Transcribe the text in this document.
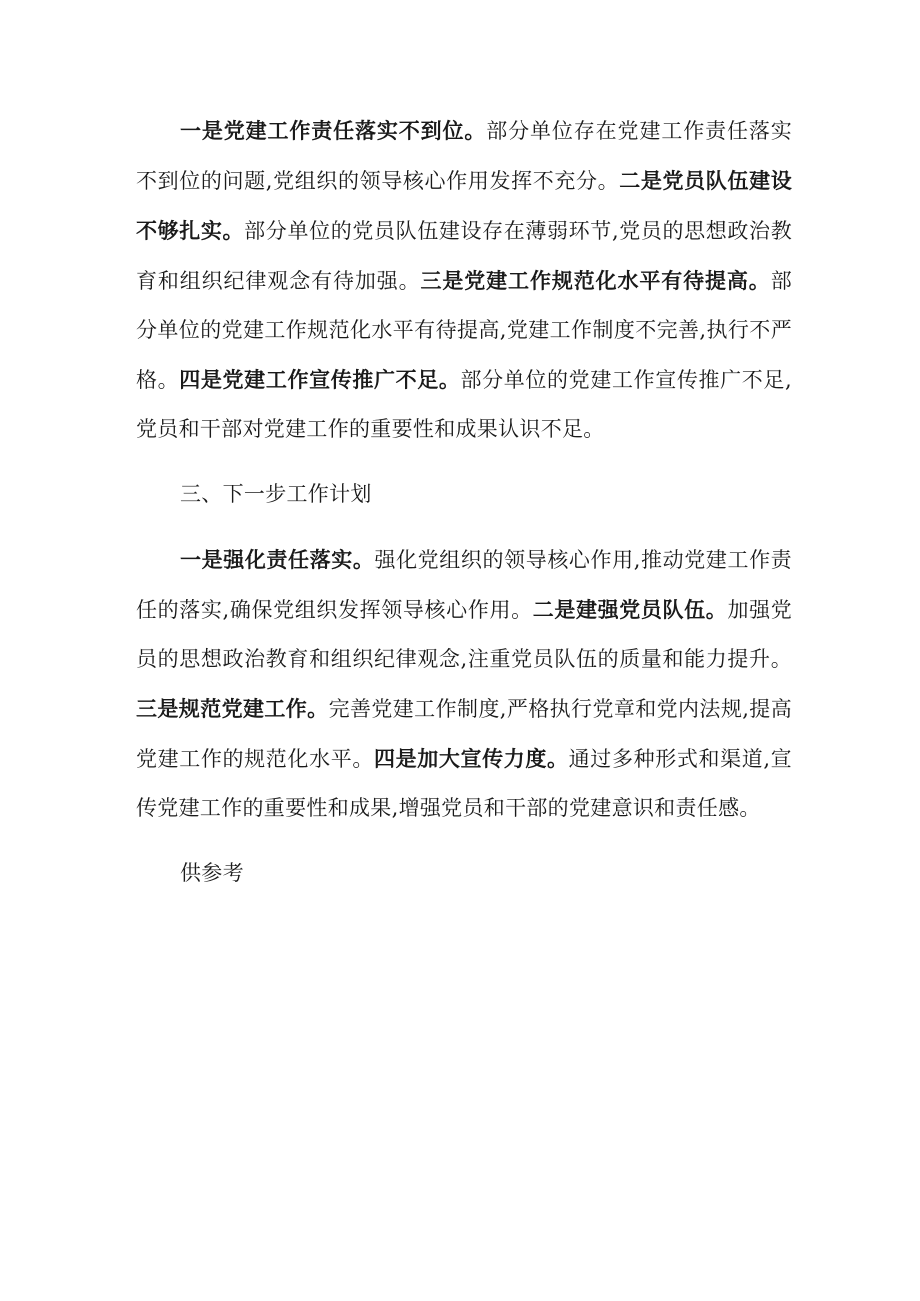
一是党建工作责任落实不到位。部分单位存在党建工作责任落实不到位的问题,党组织的领导核心作用发挥不充分。二是党员队伍建设不够扎实。部分单位的党员队伍建设存在薄弱环节,党员的思想政治教育和组织纪律观念有待加强。三是党建工作规范化水平有待提高。部分单位的党建工作规范化水平有待提高,党建工作制度不完善,执行不严格。四是党建工作宣传推广不足。部分单位的党建工作宣传推广不足,党员和干部对党建工作的重要性和成果认识不足。

三、下一步工作计划

一是强化责任落实。强化党组织的领导核心作用,推动党建工作责任的落实,确保党组织发挥领导核心作用。二是建强党员队伍。加强党员的思想政治教育和组织纪律观念,注重党员队伍的质量和能力提升。三是规范党建工作。完善党建工作制度,严格执行党章和党内法规,提高党建工作的规范化水平。四是加大宣传力度。通过多种形式和渠道,宣传党建工作的重要性和成果,增强党员和干部的党建意识和责任感。

供参考
